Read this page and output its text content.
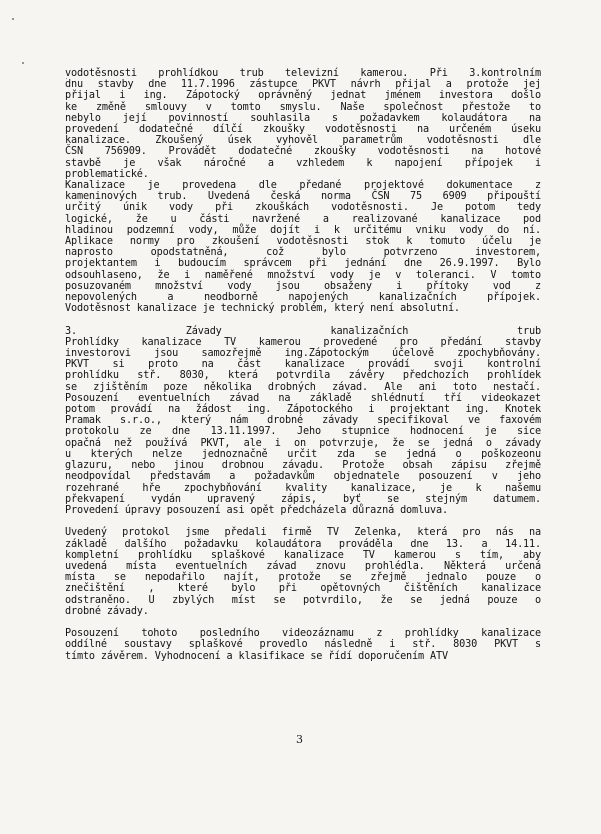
vodotěsnosti prohlídkou trub televizní kamerou. Při 3.kontrolním

dnu stavby dne 11.7.1996 zástupce PKVT návrh přijal a protože jej

přijal i ing. Zápotocký oprávněný jednat jménem investora došlo

ke změně smlouvy v tomto smyslu. Naše společnost přestože to

nebylo její povinností souhlasila s požadavkem kolaudátora na

provedení dodatečné dílčí zkoušky vodotěsnosti na určeném úseku

kanalizace. Zkoušený úsek vyhověl parametrům vodotěsnosti dle

ČSN 756909. Provádět dodatečné zkoušky vodotěsnosti na hotové

stavbě je však náročné a vzhledem k napojení přípojek i

problematické.

Kanalizace je provedena dle předané projektové dokumentace z

kameninových trub. Uvedená česká norma ČSN 75 6909 připouští

určitý únik vody při zkouškách vodotěsnosti. Je potom tedy

logické, že u části navržené a realizované kanalizace pod

hladinou podzemní vody, může dojít i k určitému vniku vody do ní.

Aplikace normy pro zkoušení vodotěsnosti stok k tomuto účelu je

naprosto opodstatněná, což bylo potvrzeno investorem,

projektantem i budoucím správcem při jednání dne 26.9.1997. Bylo

odsouhlaseno, že i naměřené množství vody je v toleranci. V tomto

posuzovaném množství vody jsou obsaženy i přítoky vod z

nepovolených a neodborně napojených kanalizačních přípojek.

Vodotěsnost kanalizace je technický problém, který není absolutní.

3. Závady kanalizačních trub

Prohlídky kanalizace TV kamerou provedené pro předání stavby

investorovi jsou samozřejmě ing.Zápotockým účelově zpochybňovány.

PKVT si proto na část kanalizace provádí svoji kontrolní

prohlídku stř. 8030, která potvrdila závěry předchozích prohlídek

se zjištěním poze několika drobných závad. Ale ani toto nestačí.

Posouzení eventuelních závad na základě shlédnutí tří videokazet

potom provádí na žádost ing. Zápotockého i projektant ing. Knotek

Pramak s.r.o., který nám drobné závady specifikoval ve faxovém

protokolu ze dne 13.11.1997. Jeho stupnice hodnocení je sice

opačná než používá PKVT, ale i on potvrzuje, že se jedná o závady

u kterých nelze jednoznačně určit zda se jedná o poškozeonu

glazuru, nebo jinou drobnou závadu. Protože obsah zápisu zřejmě

neodpovídal představám a požadavkům objednatele posouzení v jeho

rozehrané hře zpochybňování kvality kanalizace, je k našemu

překvapení vydán upravený zápis, byť se stejným datumem.

Provedení úpravy posouzení asi opět předcházela důrazná domluva.

Uvedený protokol jsme předali firmě TV Zelenka, která pro nás na

základě dalšího požadavku kolaudátora prováděla dne 13. a 14.11.

kompletní prohlídku splaškové kanalizace TV kamerou s tím, aby

uvedená místa eventuelních závad znovu prohlédla. Některá určená

místa se nepodařilo najít, protože se zřejmě jednalo pouze o

znečištění , které bylo při opětovných čištěních kanalizace

odstraněno. U zbylých míst se potvrdilo, že se jedná pouze o

drobné závady.

Posouzení tohoto posledního videozáznamu z prohlídky kanalizace

oddílné soustavy splaškové provedlo následně i stř. 8030 PKVT s

tímto závěrem. Vyhodnocení a klasifikace se řídí doporučením ATV

3
